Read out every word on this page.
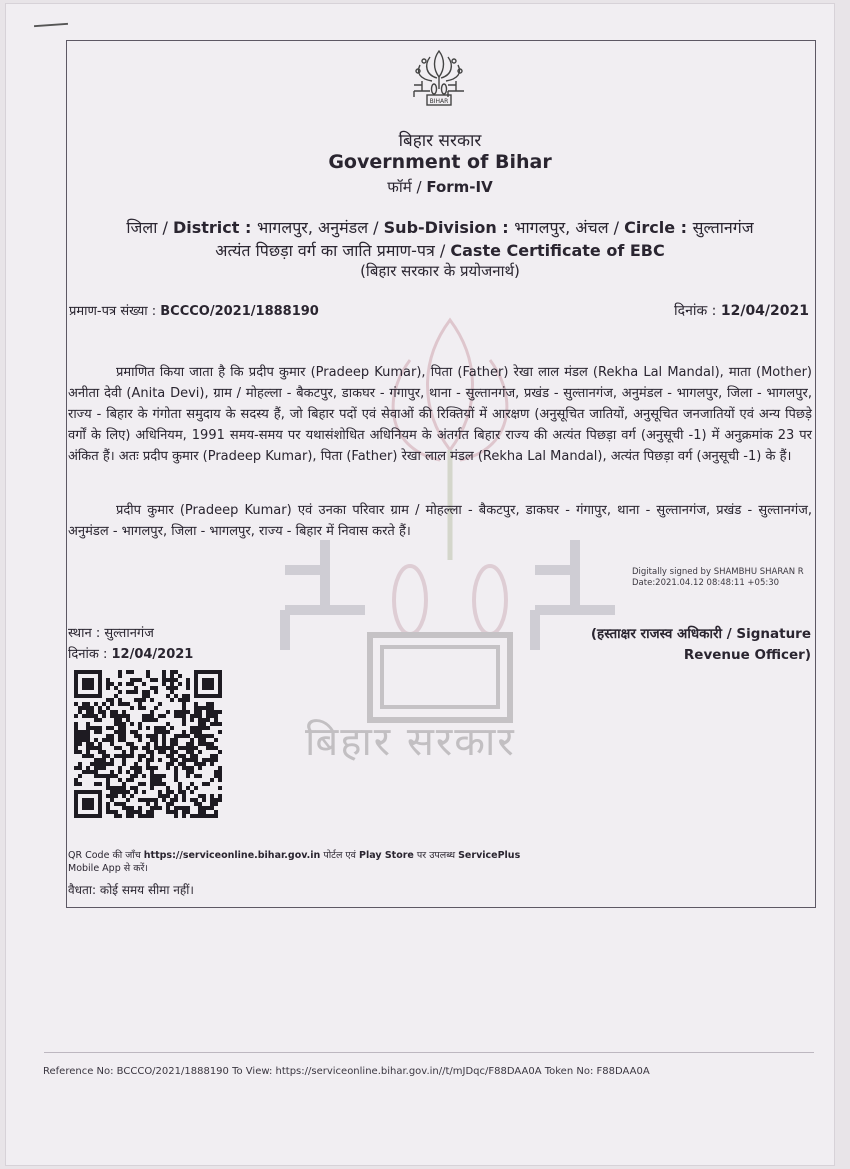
बिहार सरकार
BIHAR
बिहार सरकार
Government of Bihar
फॉर्म / Form-IV
जिला / District : भागलपुर, अनुमंडल / Sub-Division : भागलपुर, अंचल / Circle : सुल्तानगंज
अत्यंत पिछड़ा वर्ग का जाति प्रमाण-पत्र / Caste Certificate of EBC
(बिहार सरकार के प्रयोजनार्थ)
प्रमाण-पत्र संख्या : BCCCO/2021/1888190	दिनांक : 12/04/2021

प्रमाणित किया जाता है कि प्रदीप कुमार (Pradeep Kumar), पिता (Father) रेखा लाल मंडल (Rekha Lal Mandal), माता (Mother) अनीता देवी (Anita Devi), ग्राम / मोहल्ला - बैकटपुर, डाकघर - गंगापुर, थाना - सुल्तानगंज, प्रखंड - सुल्तानगंज, अनुमंडल - भागलपुर, जिला - भागलपुर, राज्य - बिहार के गंगोता समुदाय के सदस्य हैं, जो बिहार पदों एवं सेवाओं की रिक्तियों में आरक्षण (अनुसूचित जातियों, अनुसूचित जनजातियों एवं अन्य पिछड़े वर्गों के लिए) अधिनियम, 1991 समय-समय पर यथासंशोधित अधिनियम के अंतर्गत बिहार राज्य की अत्यंत पिछड़ा वर्ग (अनुसूची -1) में अनुक्रमांक 23 पर अंकित हैं। अतः प्रदीप कुमार (Pradeep Kumar), पिता (Father) रेखा लाल मंडल (Rekha Lal Mandal), अत्यंत पिछड़ा वर्ग (अनुसूची -1) के हैं।

प्रदीप कुमार (Pradeep Kumar) एवं उनका परिवार ग्राम / मोहल्ला - बैकटपुर, डाकघर - गंगापुर, थाना - सुल्तानगंज, प्रखंड - सुल्तानगंज, अनुमंडल - भागलपुर, जिला - भागलपुर, राज्य - बिहार में निवास करते हैं।

Digitally signed by SHAMBHU SHARAN R
Date:2021.04.12 08:48:11 +05:30
स्थान : सुल्तानगंज
दिनांक : 12/04/2021
(हस्ताक्षर राजस्व अधिकारी / Signature
Revenue Officer)
QR Code की जाँच https://serviceonline.bihar.gov.in पोर्टल एवं Play Store पर उपलब्ध ServicePlus
Mobile App से करें।
वैधता: कोई समय सीमा नहीं।
Reference No: BCCCO/2021/1888190 To View: https://serviceonline.bihar.gov.in//t/mJDqc/F88DAA0A Token No: F88DAA0A
